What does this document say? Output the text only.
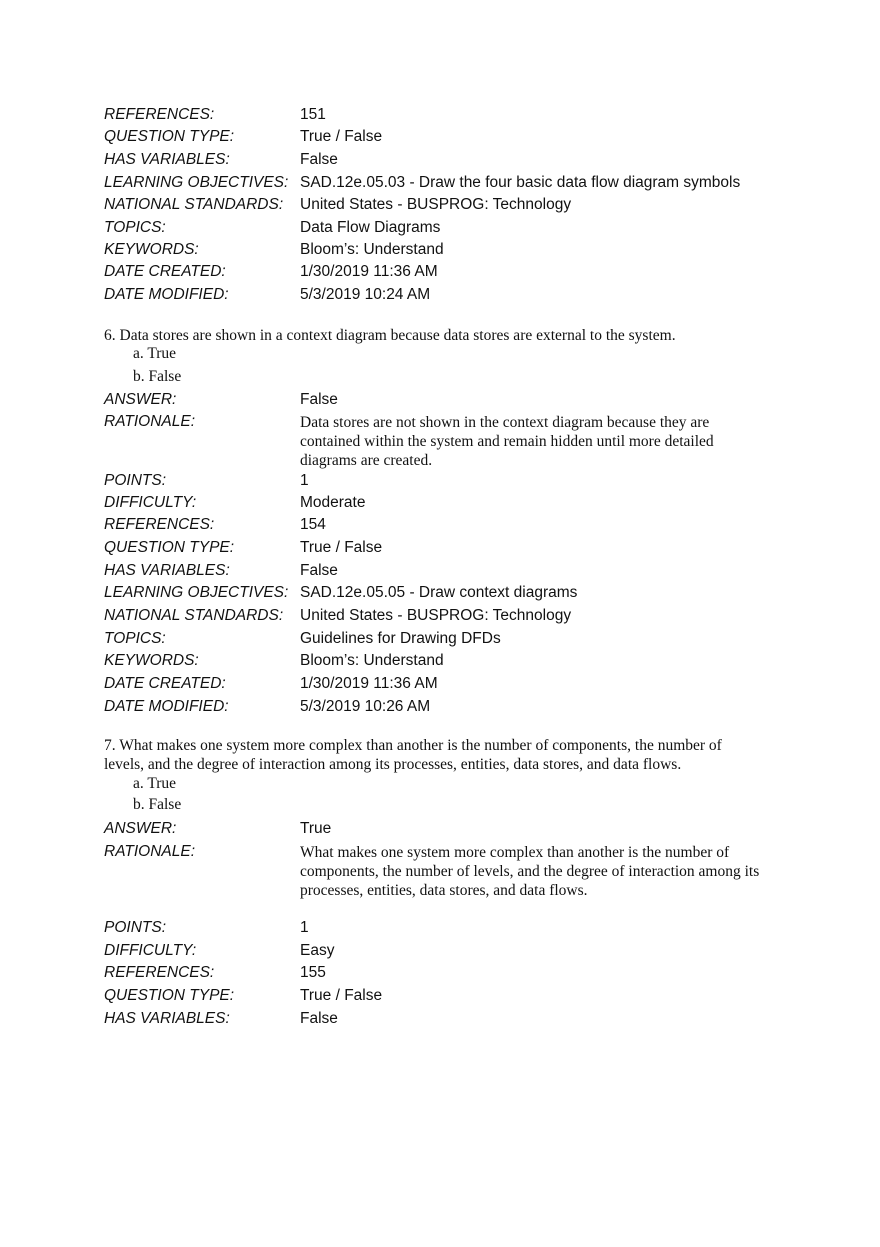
REFERENCES:	151
QUESTION TYPE:	True / False
HAS VARIABLES:	False
LEARNING OBJECTIVES: SAD.12e.05.03 - Draw the four basic data flow diagram symbols
NATIONAL STANDARDS: United States - BUSPROG: Technology
TOPICS:	Data Flow Diagrams
KEYWORDS:	Bloom’s: Understand
DATE CREATED:	1/30/2019 11:36 AM
DATE MODIFIED:	5/3/2019 10:24 AM
6. Data stores are shown in a context diagram because data stores are external to the system.
a. True
b. False
ANSWER:	False
RATIONALE:	Data stores are not shown in the context diagram because they are
contained within the system and remain hidden until more detailed
diagrams are created.
POINTS:	1
DIFFICULTY:	Moderate
REFERENCES:	154
QUESTION TYPE:	True / False
HAS VARIABLES:	False
LEARNING OBJECTIVES: SAD.12e.05.05 - Draw context diagrams
NATIONAL STANDARDS: United States - BUSPROG: Technology
TOPICS:	Guidelines for Drawing DFDs
KEYWORDS:	Bloom’s: Understand
DATE CREATED:	1/30/2019 11:36 AM
DATE MODIFIED:	5/3/2019 10:26 AM
7. What makes one system more complex than another is the number of components, the number of
levels, and the degree of interaction among its processes, entities, data stores, and data flows.
a. True
b. False
ANSWER:	True
RATIONALE:	What makes one system more complex than another is the number of
components, the number of levels, and the degree of interaction among its
processes, entities, data stores, and data flows.
POINTS:	1
DIFFICULTY:	Easy
REFERENCES:	155
QUESTION TYPE:	True / False
HAS VARIABLES:	False
